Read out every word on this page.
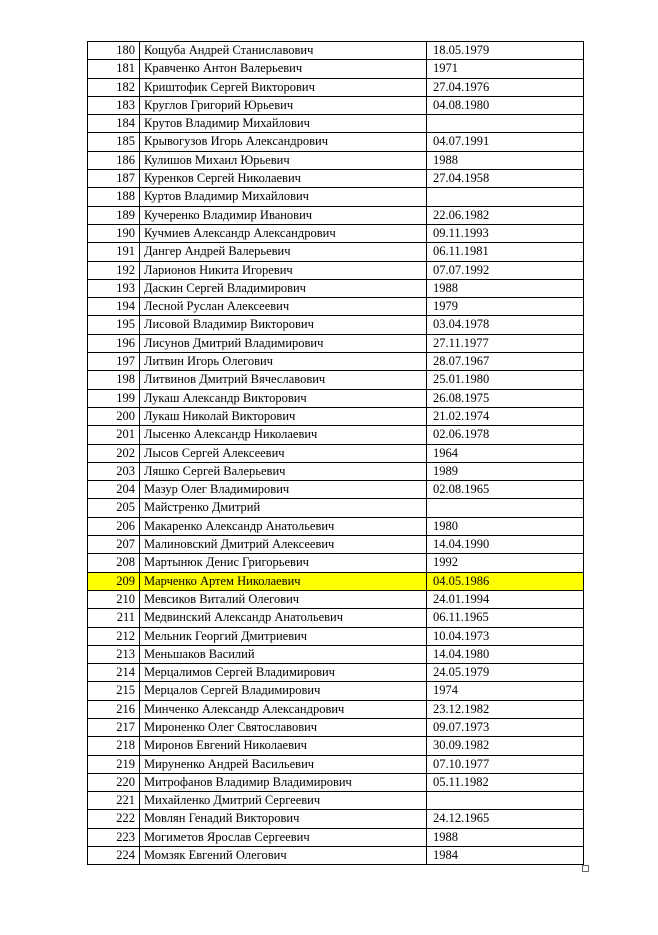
180	Кощуба Андрей Станиславович	18.05.1979
181	Кравченко Антон Валерьевич	1971
182	Криштофик Сергей Викторович	27.04.1976
183	Круглов Григорий Юрьевич	04.08.1980
184	Крутов Владимир Михайлович	
185	Крывогузов Игорь Александрович	04.07.1991
186	Кулишов Михаил Юрьевич	1988
187	Куренков Сергей Николаевич	27.04.1958
188	Куртов Владимир Михайлович	
189	Кучеренко Владимир Иванович	22.06.1982
190	Кучмиев Александр Александрович	09.11.1993
191	Дангер Андрей Валерьевич	06.11.1981
192	Ларионов Никита Игоревич	07.07.1992
193	Даскин Сергей Владимирович	1988
194	Лесной Руслан Алексеевич	1979
195	Лисовой Владимир Викторович	03.04.1978
196	Лисунов Дмитрий Владимирович	27.11.1977
197	Литвин Игорь Олегович	28.07.1967
198	Литвинов Дмитрий Вячеславович	25.01.1980
199	Лукаш Александр Викторович	26.08.1975
200	Лукаш Николай Викторович	21.02.1974
201	Лысенко Александр Николаевич	02.06.1978
202	Лысов Сергей Алексеевич	1964
203	Ляшко Сергей Валерьевич	1989
204	Мазур Олег Владимирович	02.08.1965
205	Майстренко Дмитрий	
206	Макаренко Александр Анатольевич	1980
207	Малиновский Дмитрий Алексеевич	14.04.1990
208	Мартынюк Денис Григорьевич	1992
209	Марченко Артем Николаевич	04.05.1986
210	Мевсиков Виталий Олегович	24.01.1994
211	Медвинский Александр Анатольевич	06.11.1965
212	Мельник Георгий Дмитриевич	10.04.1973
213	Меньшаков Василий	14.04.1980
214	Мерцалимов Сергей Владимирович	24.05.1979
215	Мерцалов Сергей Владимирович	1974
216	Минченко Александр Александрович	23.12.1982
217	Мироненко Олег Святославович	09.07.1973
218	Миронов Евгений Николаевич	30.09.1982
219	Мируненко Андрей Васильевич	07.10.1977
220	Митрофанов Владимир Владимирович	05.11.1982
221	Михайленко Дмитрий Сергеевич	
222	Мовлян Генадий Викторович	24.12.1965
223	Могиметов Ярослав Сергеевич	1988
224	Момзяк Евгений Олегович	1984
